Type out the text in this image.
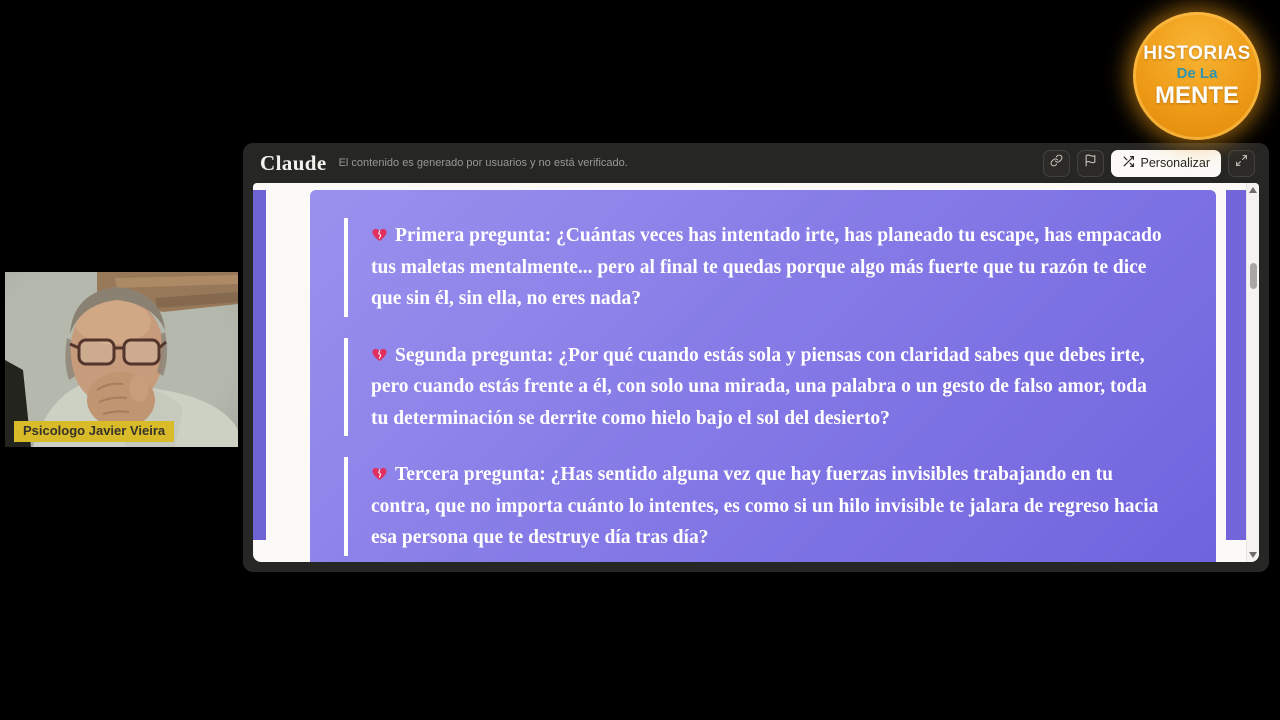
Claude El contenido es generado por usuarios y no está verificado.	Personalizar
Primera pregunta: ¿Cuántas veces has intentado irte, has planeado tu escape, has empacado tus maletas mentalmente... pero al final te quedas porque algo más fuerte que tu razón te dice que sin él, sin ella, no eres nada?
Segunda pregunta: ¿Por qué cuando estás sola y piensas con claridad sabes que debes irte, pero cuando estás frente a él, con solo una mirada, una palabra o un gesto de falso amor, toda tu determinación se derrite como hielo bajo el sol del desierto?
Tercera pregunta: ¿Has sentido alguna vez que hay fuerzas invisibles trabajando en tu contra, que no importa cuánto lo intentes, es como si un hilo invisible te jalara de regreso hacia esa persona que te destruye día tras día?
HISTORIAS
De La
MENTE
Psicologo Javier Vieira
